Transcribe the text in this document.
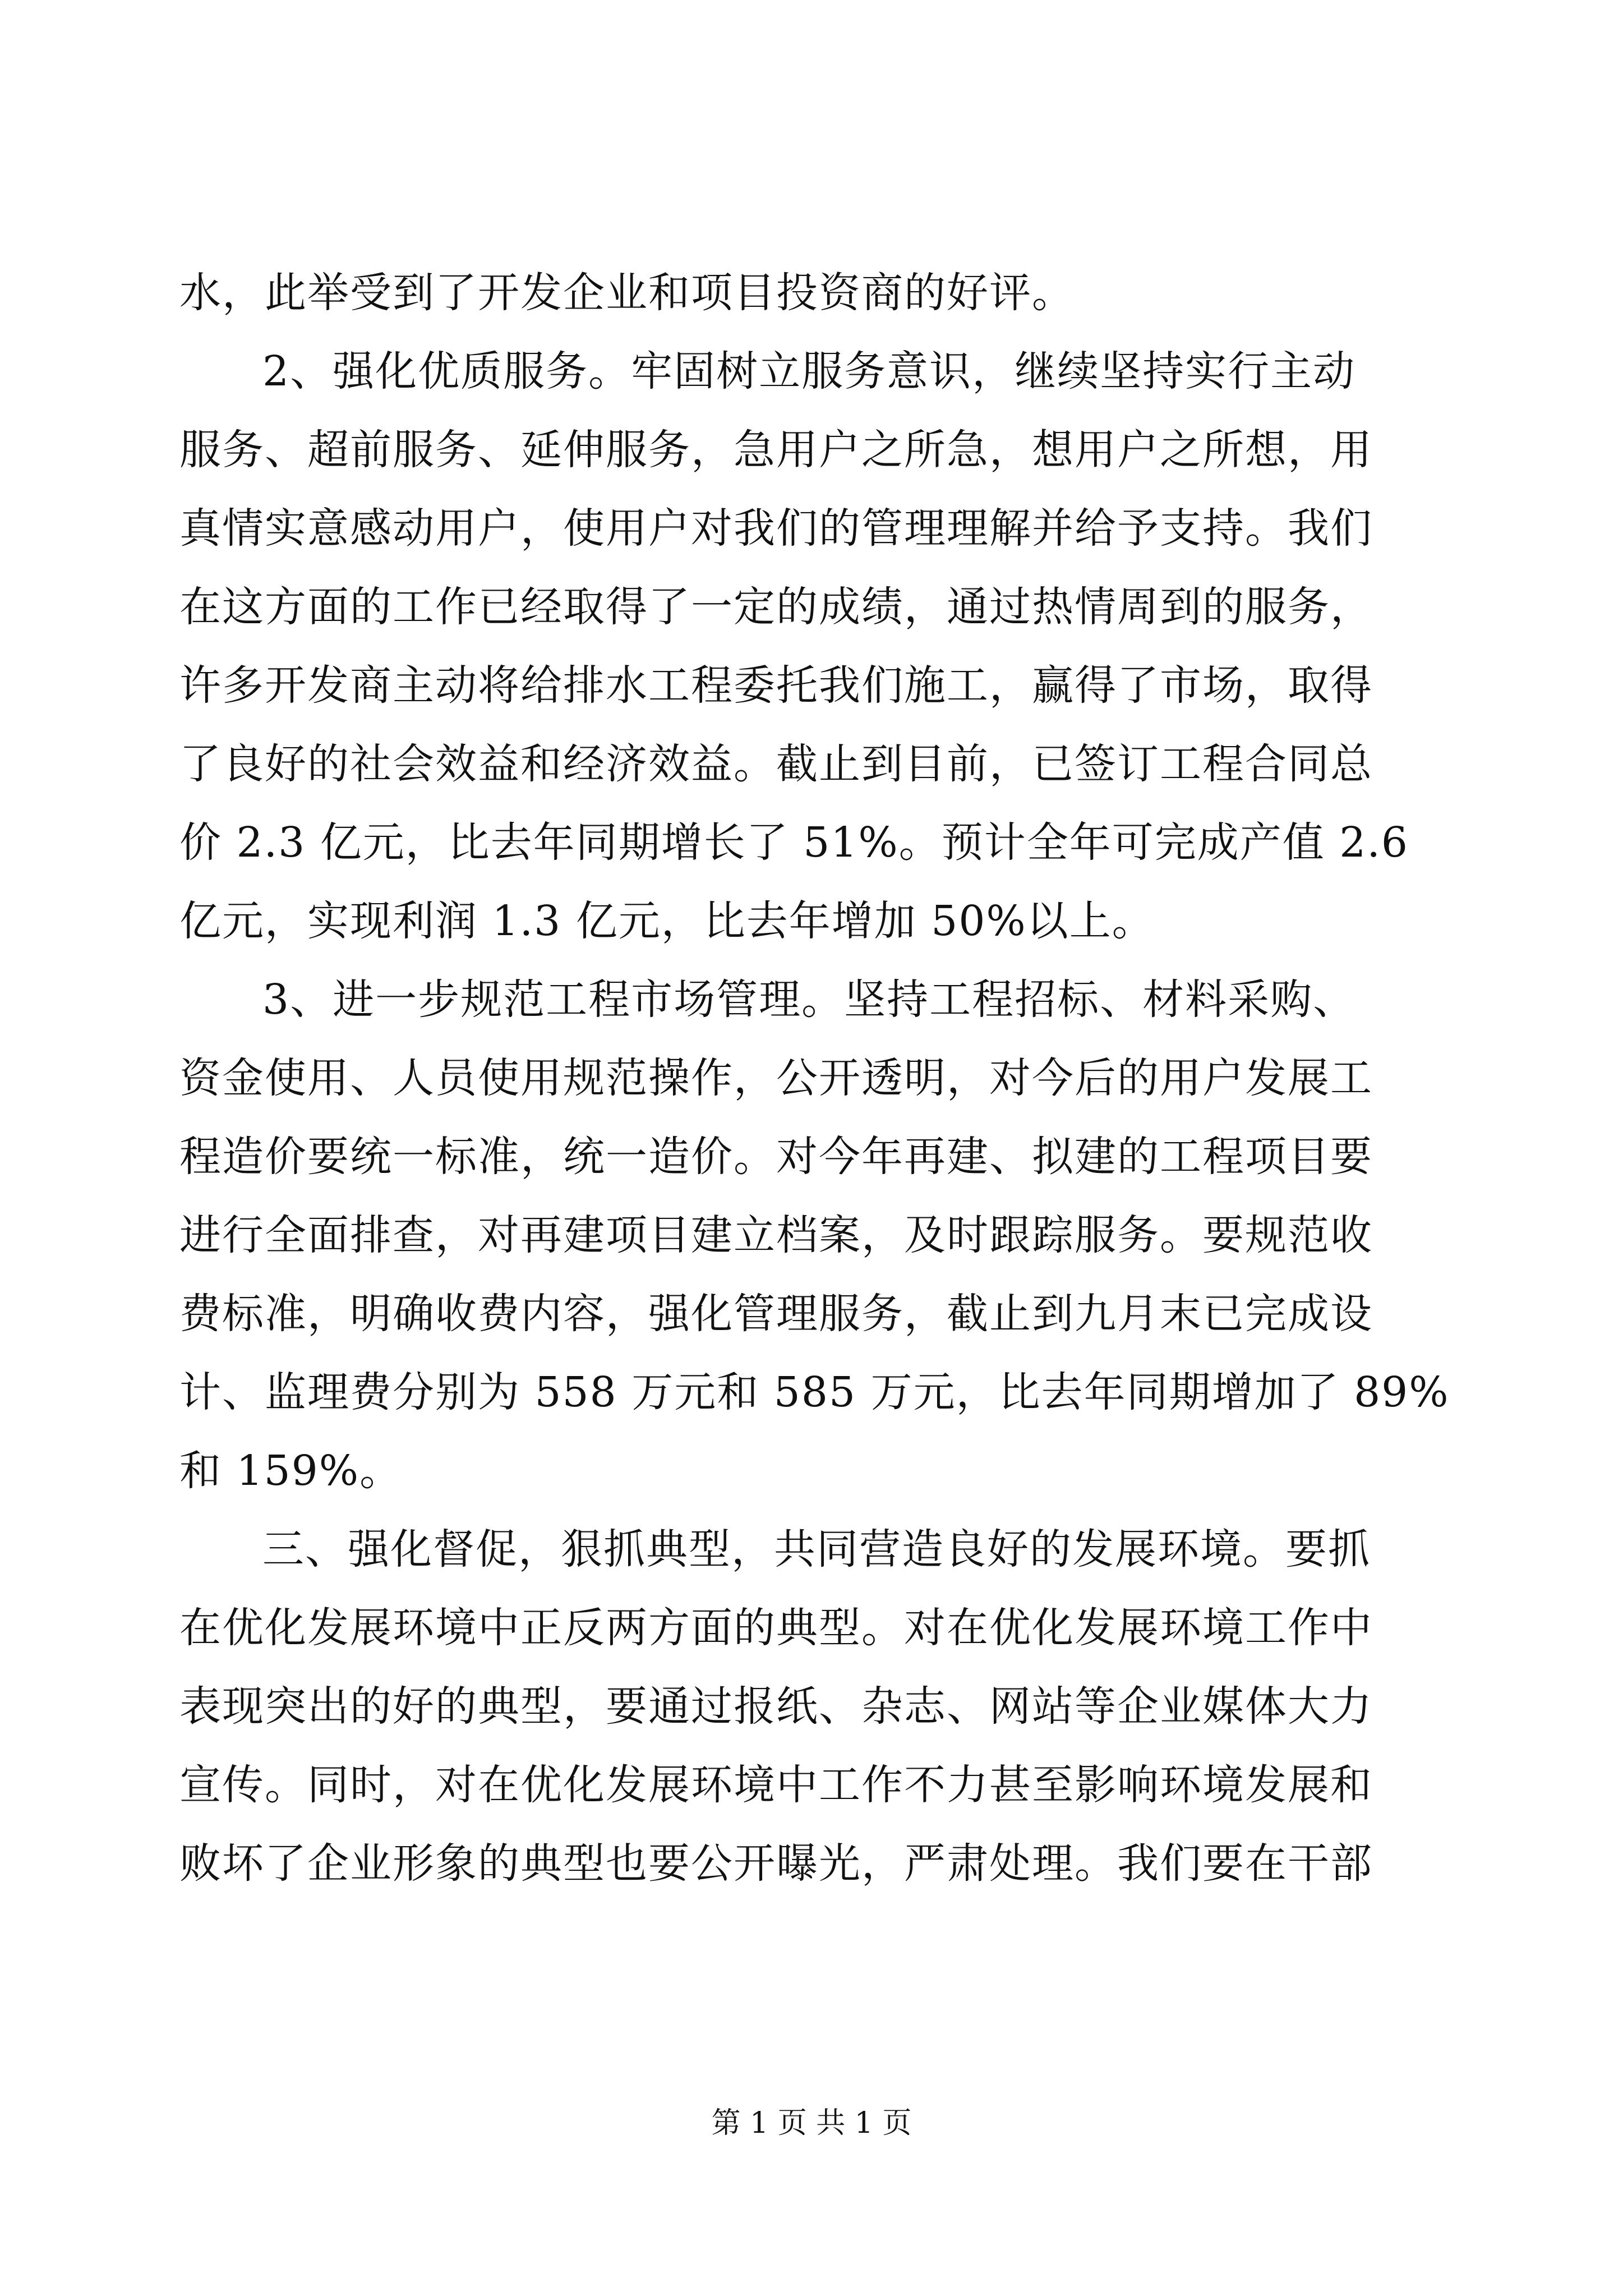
水，此举受到了开发企业和项目投资商的好评。
2、强化优质服务。牢固树立服务意识，继续坚持实行主动
服务、超前服务、延伸服务，急用户之所急，想用户之所想，用
真情实意感动用户，使用户对我们的管理理解并给予支持。我们
在这方面的工作已经取得了一定的成绩，通过热情周到的服务，
许多开发商主动将给排水工程委托我们施工，赢得了市场，取得
了良好的社会效益和经济效益。截止到目前，已签订工程合同总
价 2.3 亿元，比去年同期增长了 51%。预计全年可完成产值 2.6
亿元，实现利润 1.3 亿元，比去年增加 50%以上。
3、进一步规范工程市场管理。坚持工程招标、材料采购、
资金使用、人员使用规范操作，公开透明，对今后的用户发展工
程造价要统一标准，统一造价。对今年再建、拟建的工程项目要
进行全面排查，对再建项目建立档案，及时跟踪服务。要规范收
费标准，明确收费内容，强化管理服务，截止到九月末已完成设
计、监理费分别为 558 万元和 585 万元，比去年同期增加了 89%
和 159%。
三、强化督促，狠抓典型，共同营造良好的发展环境。要抓
在优化发展环境中正反两方面的典型。对在优化发展环境工作中
表现突出的好的典型，要通过报纸、杂志、网站等企业媒体大力
宣传。同时，对在优化发展环境中工作不力甚至影响环境发展和
败坏了企业形象的典型也要公开曝光，严肃处理。我们要在干部
第 1 页 共 1 页
